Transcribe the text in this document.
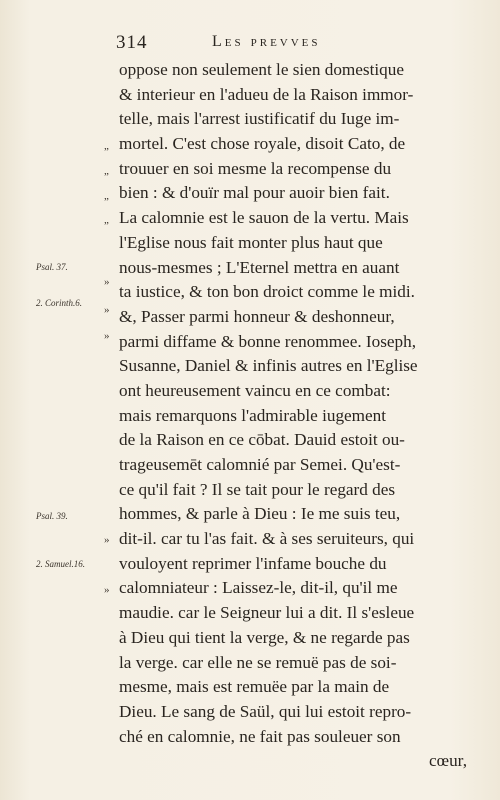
314	Les prevves
Psal. 37.
2. Corinth.6.
Psal. 39.
2. Samuel.16.
„
„
„
„
»
»
»
»
»
oppose non seulement le sien domestique
& interieur en l'adueu de la Raison immor-
telle, mais l'arrest iustificatif du Iuge im-
mortel. C'est chose royale, disoit Cato, de
trouuer en soi mesme la recompense du
bien : & d'ouïr mal pour auoir bien fait.
La calomnie est le sauon de la vertu. Mais
l'Eglise nous fait monter plus haut que
nous-mesmes ; L'Eternel mettra en auant
ta iustice, & ton bon droict comme le midi.
&, Passer parmi honneur & deshonneur,
parmi diffame & bonne renommee. Ioseph,
Susanne, Daniel & infinis autres en l'Eglise
ont heureusement vaincu en ce combat:
mais remarquons l'admirable iugement
de la Raison en ce cōbat. Dauid estoit ou-
trageusemēt calomnié par Semei. Qu'est-
ce qu'il fait ? Il se tait pour le regard des
hommes, & parle à Dieu : Ie me suis teu,
dit-il. car tu l'as fait. & à ses seruiteurs, qui
vouloyent reprimer l'infame bouche du
calomniateur : Laissez-le, dit-il, qu'il me
maudie. car le Seigneur lui a dit. Il s'esleue
à Dieu qui tient la verge, & ne regarde pas
la verge. car elle ne se remuë pas de soi-
mesme, mais est remuëe par la main de
Dieu. Le sang de Saül, qui lui estoit repro-
ché en calomnie, ne fait pas souleuer son
cœur,
